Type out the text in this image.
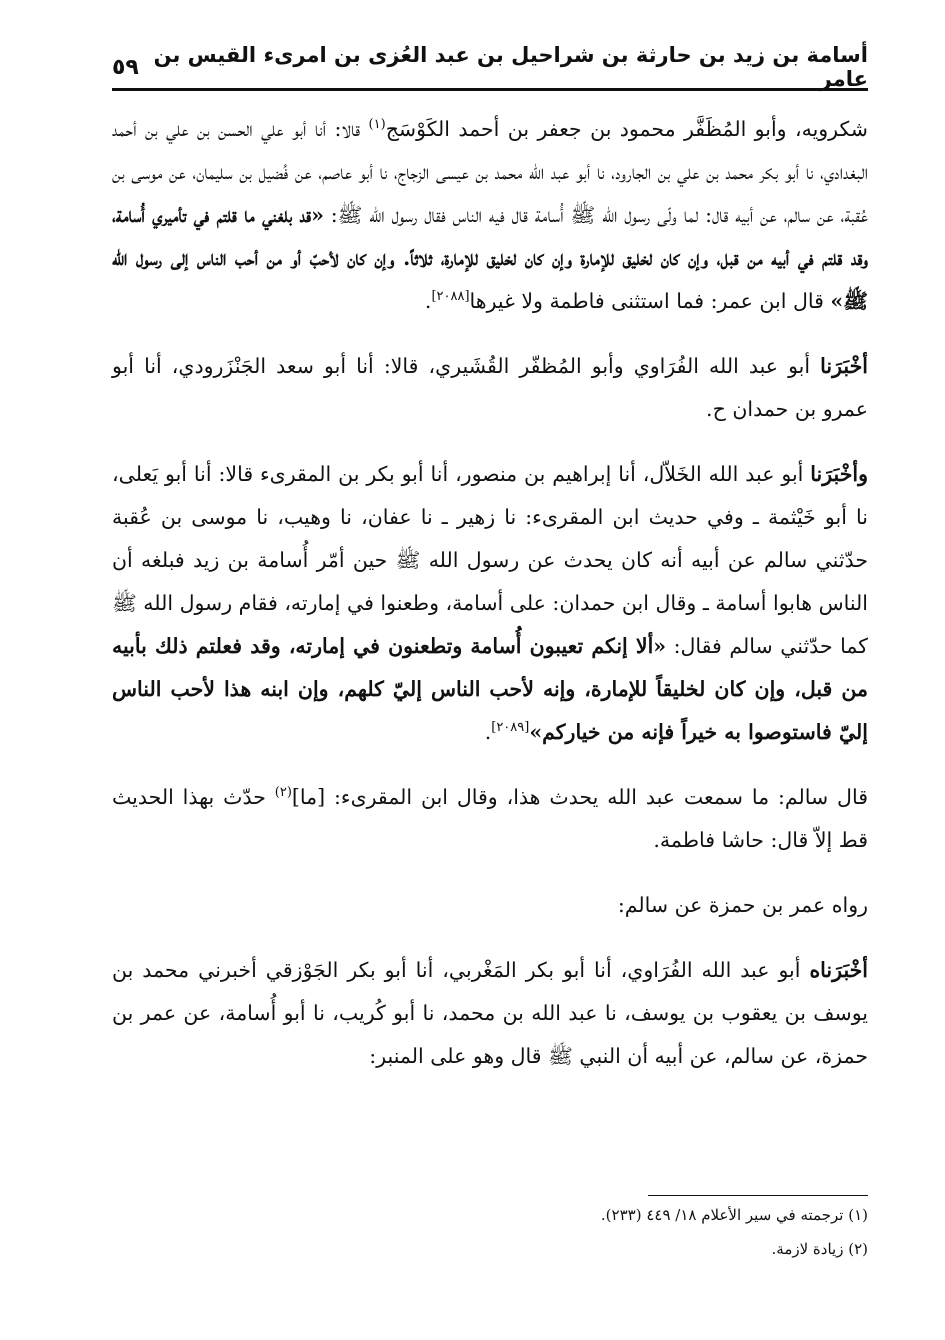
أسامة بن زيد بن حارثة بن شراحيل بن عبد العُزى بن امرىء القيس بن عامر
٥٩

شكرويه، وأبو المُظَفَّر محمود بن جعفر بن أحمد الكَوْسَج$^{(١)}$ قالا: أنا أبو علي الحسن بن علي بن أحمد البغدادي، نا أبو بكر محمد بن علي بن الجارود، نا أبو عبد الله محمد بن عيسى الزجاج، نا أبو عاصم، عن فُضيل بن سليمان، عن موسى بن عُقبة، عن سالم، عن أبيه قال: لما ولّى رسول الله ﷺ أُسامة قال فيه الناس فقال رسول الله ﷺ: «قد بلغني ما قلتم في تأميري أُسامة، وقد قلتم في أبيه من قبل، وإن كان لخليق للإمارة وإن كان لخليق للإمارة، ثلاثاً. وإن كان لأحبّ أو من أحب الناس إلى رسول الله ﷺ» قال ابن عمر: فما استثنى فاطمة ولا غيرها[٢٠٨٨].

أخْبَرَنا أبو عبد الله الفُرَاوي وأبو المُظفّر القُشَيري، قالا: أنا أبو سعد الجَنْزَرودي، أنا أبو عمرو بن حمدان ح.

وأخْبَرَنا أبو عبد الله الخَلاّل، أنا إبراهيم بن منصور، أنا أبو بكر بن المقرىء قالا: أنا أبو يَعلى، نا أبو خَيْثمة ـ وفي حديث ابن المقرىء: نا زهير ـ نا عفان، نا وهيب، نا موسى بن عُقبة حدّثني سالم عن أبيه أنه كان يحدث عن رسول الله ﷺ حين أمّر أُسامة بن زيد فبلغه أن الناس هابوا أسامة ـ وقال ابن حمدان: على أسامة، وطعنوا في إمارته، فقام رسول الله ﷺ كما حدّثني سالم فقال: «ألا إنكم تعيبون أُسامة وتطعنون في إمارته، وقد فعلتم ذلك بأبيه من قبل، وإن كان لخليقاً للإمارة، وإنه لأحب الناس إليّ كلهم، وإن ابنه هذا لأحب الناس إليّ فاستوصوا به خيراً فإنه من خياركم»[٢٠٨٩].

قال سالم: ما سمعت عبد الله يحدث هذا، وقال ابن المقرىء: [ما]$^{(٢)}$ حدّث بهذا الحديث قط إلاّ قال: حاشا فاطمة.

رواه عمر بن حمزة عن سالم:

أخْبَرَناه أبو عبد الله الفُرَاوي، أنا أبو بكر المَغْربي، أنا أبو بكر الجَوْزقي أخبرني محمد بن يوسف بن يعقوب بن يوسف، نا عبد الله بن محمد، نا أبو كُريب، نا أبو أُسامة، عن عمر بن حمزة، عن سالم، عن أبيه أن النبي ﷺ قال وهو على المنبر:

(١) ترجمته في سير الأعلام ١٨/ ٤٤٩ (٢٣٣).

(٢) زيادة لازمة.
